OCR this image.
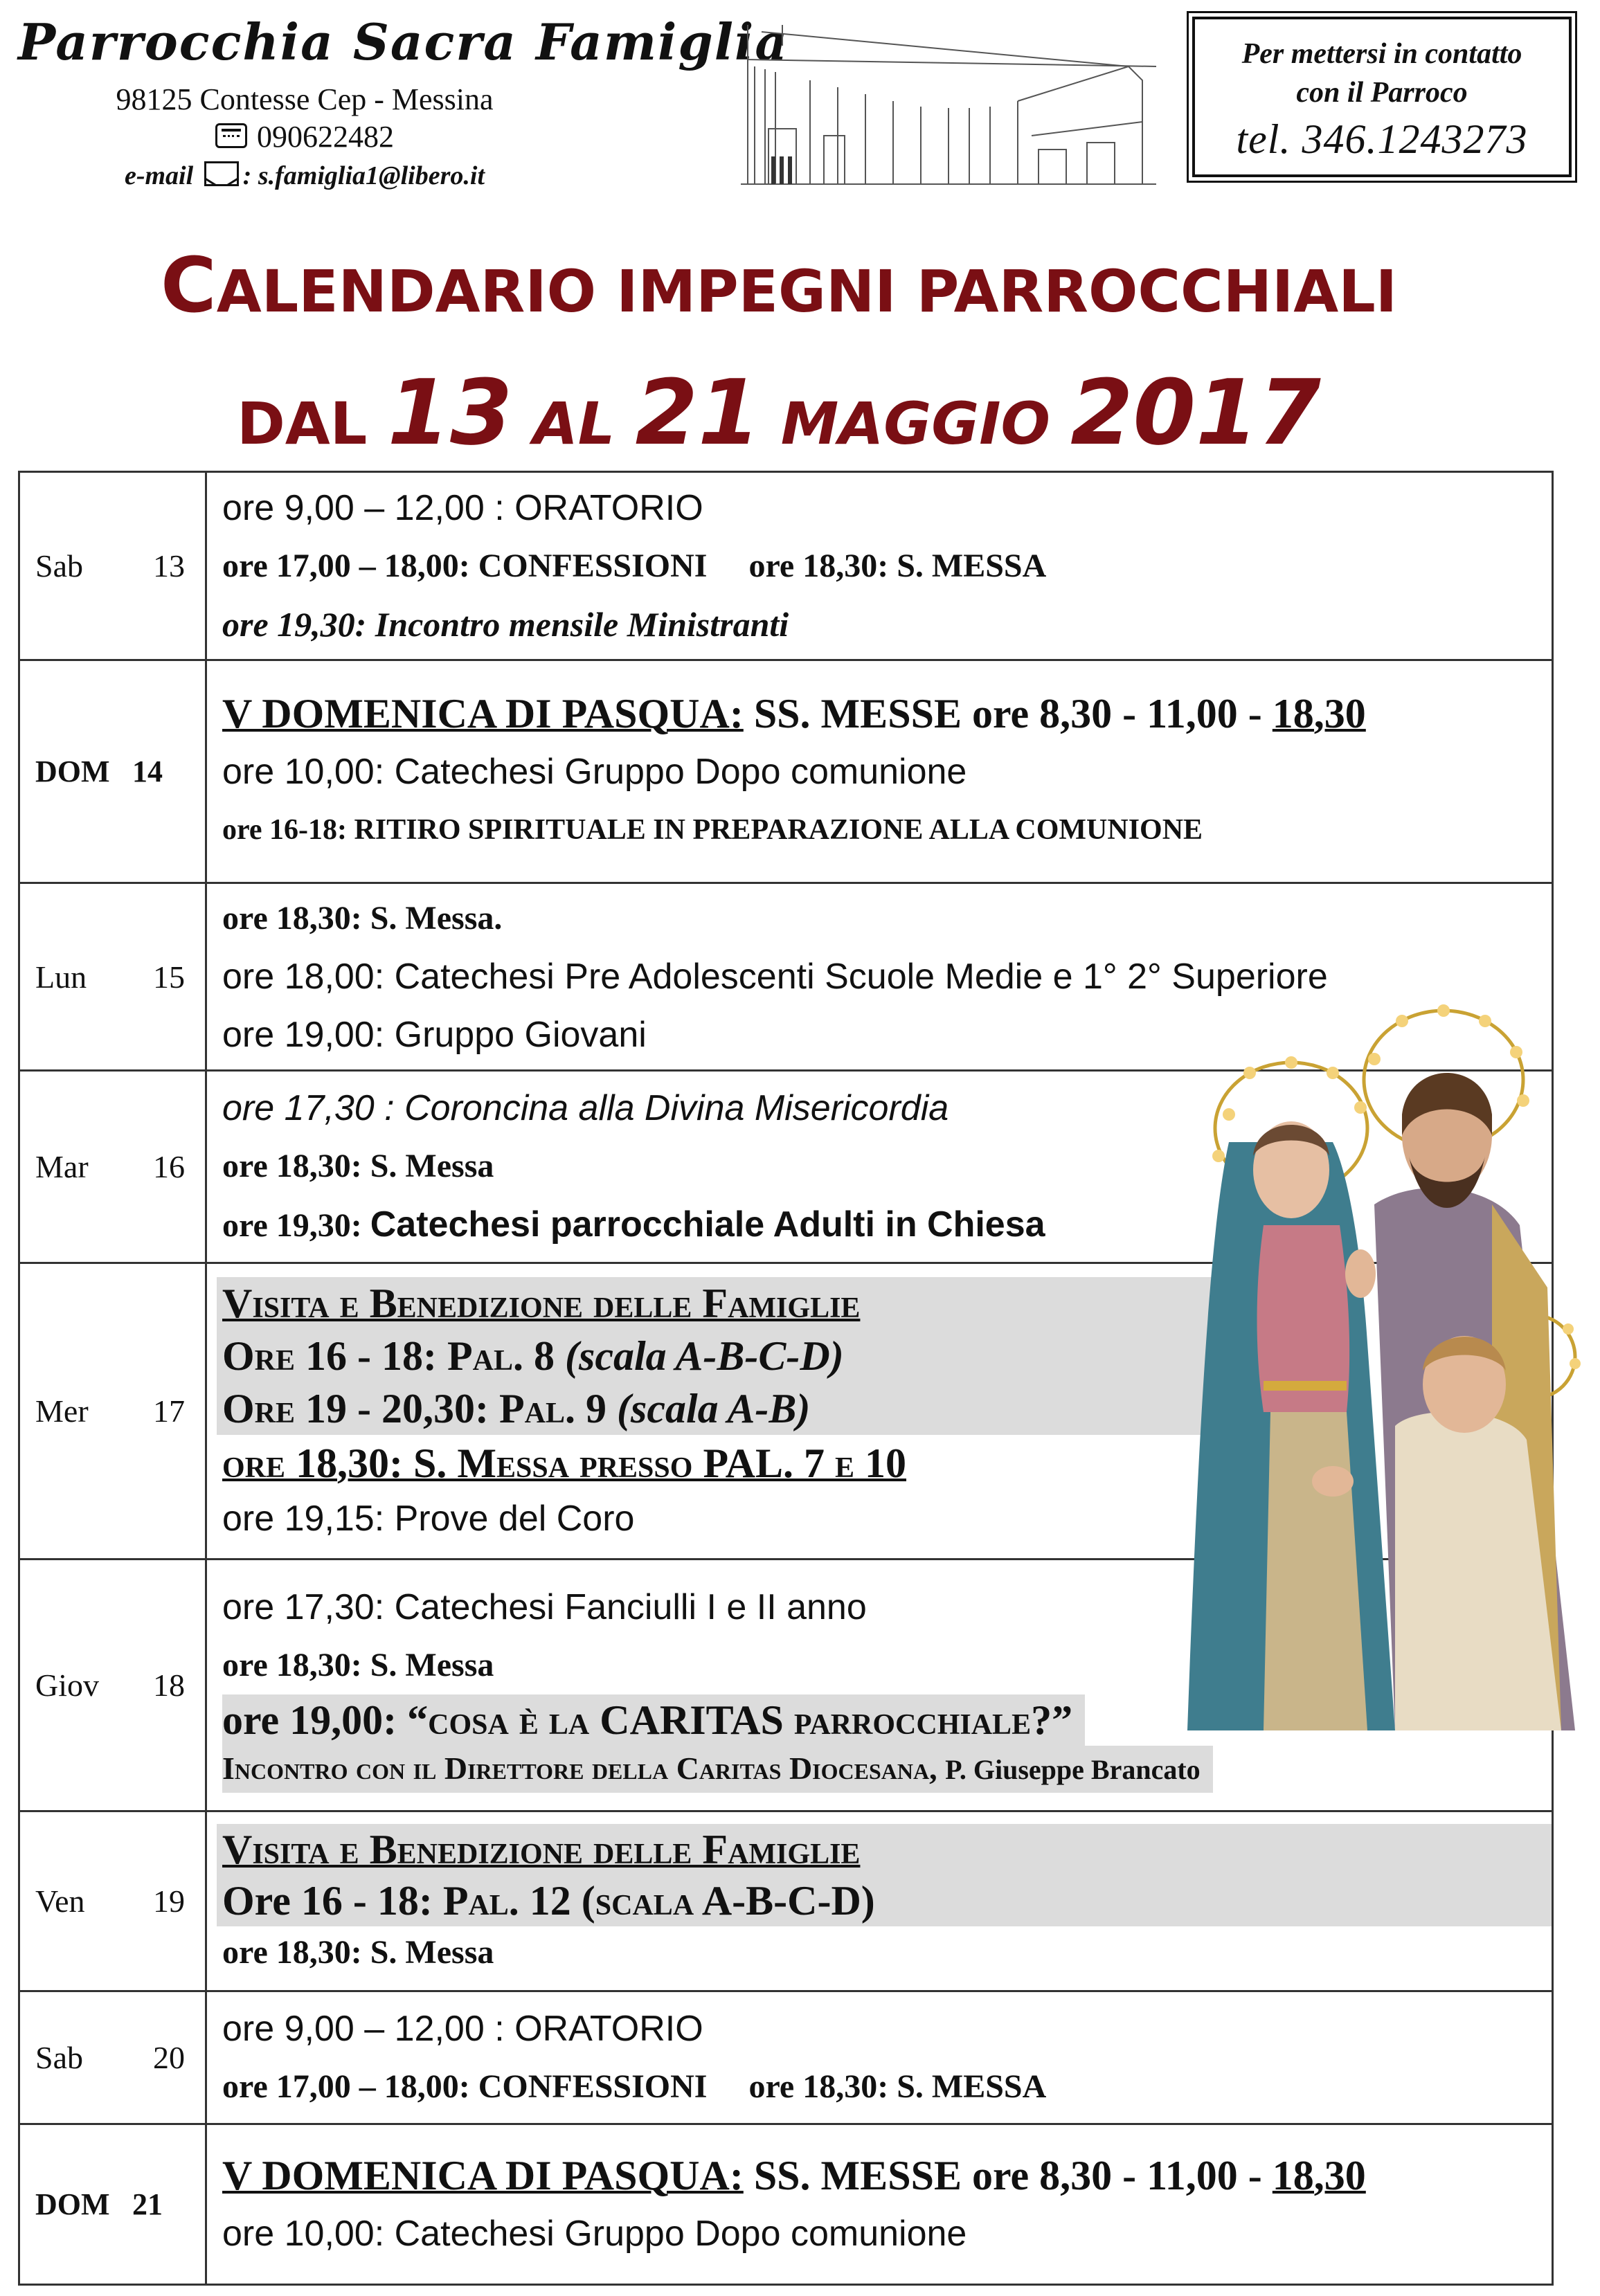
Parrocchia Sacra Famiglia
98125 Contesse Cep - Messina
090622482
e-mail : s.famiglia1@libero.it
Per mettersi in contatto
con il Parroco
tel. 346.1243273
CALENDARIO IMPEGNI PARROCCHIALI
DAL 13 AL 21 MAGGIO 2017
Sab 13	ore 9,00 – 12,00 : ORATORIO
ore 17,00 – 18,00: CONFESSIONI ore 18,30: S. MESSA
ore 19,30: Incontro mensile Ministranti

DOM 14	V DOMENICA DI PASQUA: SS. MESSE ore 8,30 - 11,00 - 18,30
ore 10,00: Catechesi Gruppo Dopo comunione
ore 16-18: RITIRO SPIRITUALE IN PREPARAZIONE ALLA COMUNIONE

Lun 15	ore 18,30: S. Messa.
ore 18,00: Catechesi Pre Adolescenti Scuole Medie e 1° 2° Superiore
ore 19,00: Gruppo Giovani

Mar 16	ore 17,30 : Coroncina alla Divina Misericordia
ore 18,30: S. Messa
ore 19,30: Catechesi parrocchiale Adulti in Chiesa

Mer 17	Visita e Benedizione delle Famiglie
Ore 16 - 18: Pal. 8 (scala A-B-C-D)
Ore 19 - 20,30: Pal. 9 (scala A-B)
ore 18,30: S. Messa presso PAL. 7 e 10
ore 19,15: Prove del Coro

Giov 18	ore 17,30: Catechesi Fanciulli I e II anno
ore 18,30: S. Messa
ore 19,00: “cosa è la CARITAS parrocchiale?” Incontro con il Direttore della Caritas Diocesana, P. Giuseppe Brancato
Ven 19	Visita e Benedizione delle Famiglie
Ore 16 - 18: Pal. 12 (scala A-B-C-D)
ore 18,30: S. Messa

Sab 20	ore 9,00 – 12,00 : ORATORIO
ore 17,00 – 18,00: CONFESSIONI ore 18,30: S. MESSA

DOM 21	V DOMENICA DI PASQUA: SS. MESSE ore 8,30 - 11,00 - 18,30
ore 10,00: Catechesi Gruppo Dopo comunione
